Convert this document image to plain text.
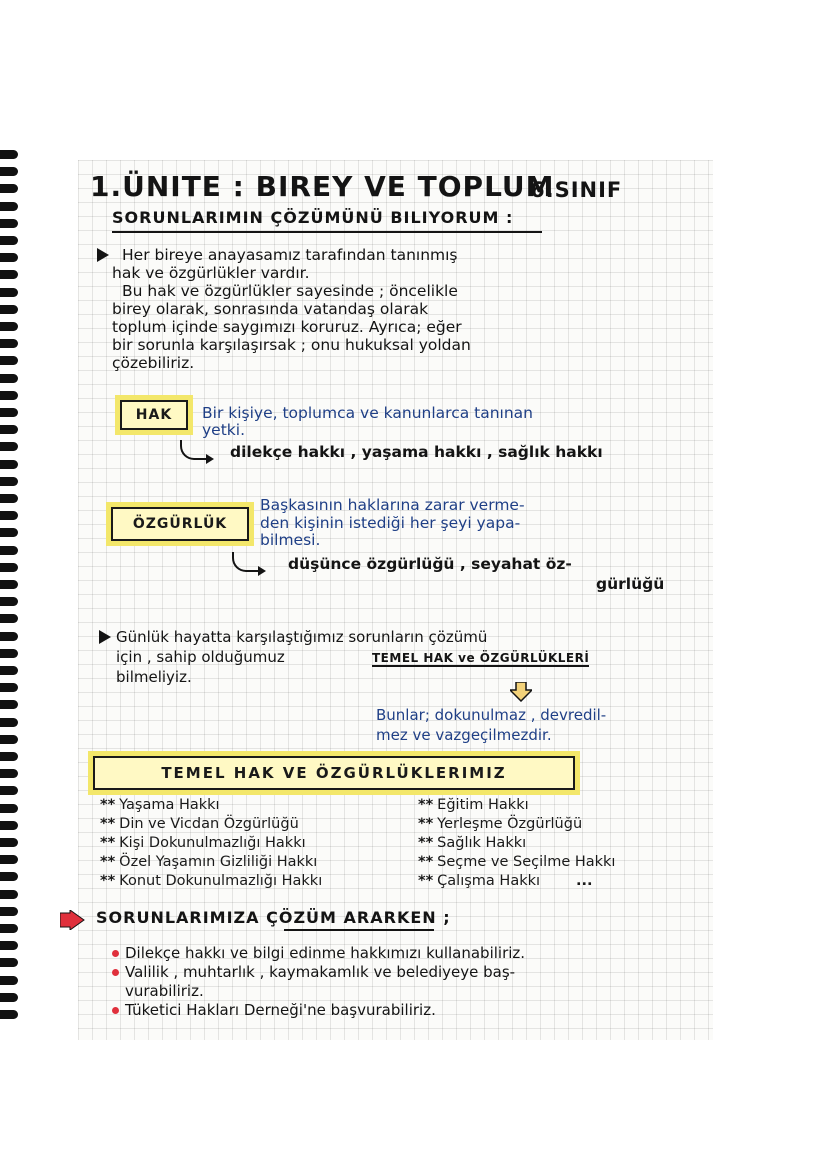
1.ÜNITE : BIREY VE TOPLUM
6.SINIF
SORUNLARIMIN ÇÖZÜMÜNÜ BILIYORUM :
Her bireye anayasamız tarafından tanınmış
hak ve özgürlükler vardır.
Bu hak ve özgürlükler sayesinde ; öncelikle
birey olarak, sonrasında vatandaş olarak
toplum içinde saygımızı koruruz. Ayrıca; eğer
bir sorunla karşılaşırsak ; onu hukuksal yoldan
çözebiliriz.
HAK	Bir kişiye, toplumca ve kanunlarca tanınan
yetki.
dilekçe hakkı , yaşama hakkı , sağlık hakkı
ÖZGÜRLÜK
Başkasının haklarına zarar verme-
den kişinin istediği her şeyi yapa-
bilmesi.
düşünce özgürlüğü , seyahat öz-
gürlüğü
Günlük hayatta karşılaştığımız sorunların çözümü
için , sahip olduğumuz	TEMEL HAK ve ÖZGÜRLÜKLERİ
bilmeliyiz.
Bunlar; dokunulmaz , devredil-
mez ve vazgeçilmezdir.
TEMEL HAK VE ÖZGÜRLÜKLERIMIZ
** Yaşama Hakkı
** Din ve Vicdan Özgürlüğü
** Kişi Dokunulmazlığı Hakkı
** Özel Yaşamın Gizliliği Hakkı
** Konut Dokunulmazlığı Hakkı
** Eğitim Hakkı
** Yerleşme Özgürlüğü
** Sağlık Hakkı
** Seçme ve Seçilme Hakkı
** Çalışma Hakkı ...
SORUNLARIMIZA ÇÖZÜM ARARKEN ;
Dilekçe hakkı ve bilgi edinme hakkımızı kullanabiliriz.
Valilik , muhtarlık , kaymakamlık ve belediyeye baş-
vurabiliriz.
Tüketici Hakları Derneği'ne başvurabiliriz.
